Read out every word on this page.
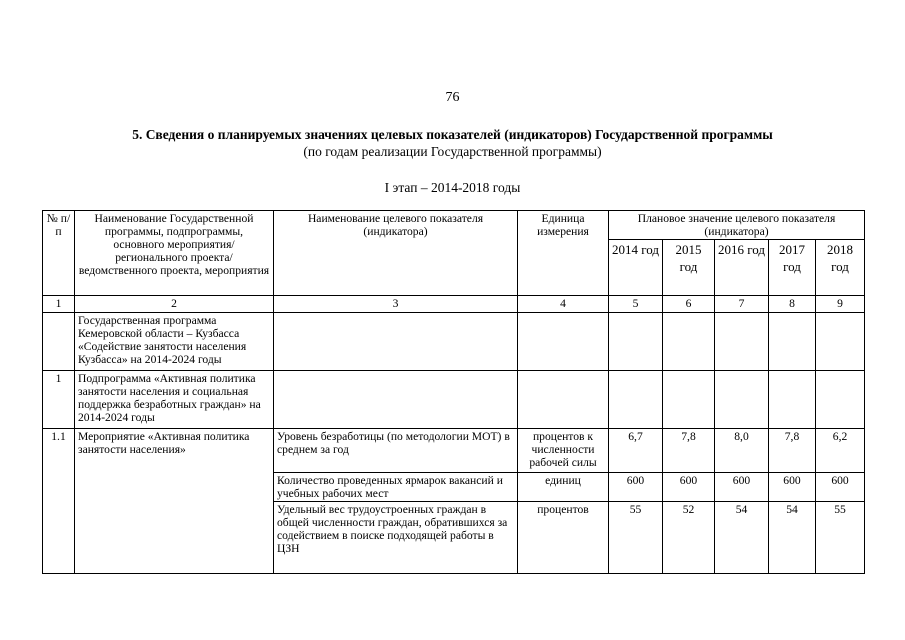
76
5. Сведения о планируемых значениях целевых показателей (индикаторов) Государственной программы
(по годам реализации Государственной программы)
I этап – 2014-2018 годы
№ п/п	Наименование Государственной программы, подпрограммы, основного мероприятия/регионального проекта/ведомственного проекта, мероприятия	Наименование целевого показателя (индикатора)	Единица измерения	Плановое значение целевого показателя (индикатора)				
				2014 год	2015 год	2016 год	2017 год	2018 год
1	2	3	4	5	6	7	8	9
	Государственная программа Кемеровской области – Кузбасса «Содействие занятости населения Кузбасса» на 2014-2024 годы							
1	Подпрограмма «Активная политика занятости населения и социальная поддержка безработных граждан» на 2014-2024 годы							
1.1	Мероприятие «Активная политика занятости населения»	Уровень безработицы (по методологии МОТ) в среднем за год	процентов к численности рабочей силы	6,7	7,8	8,0	7,8	6,2
		Количество проведенных ярмарок вакансий и учебных рабочих мест	единиц	600	600	600	600	600
		Удельный вес трудоустроенных граждан в общей численности граждан, обратившихся за содействием в поиске подходящей работы в ЦЗН	процентов	55	52	54	54	55
